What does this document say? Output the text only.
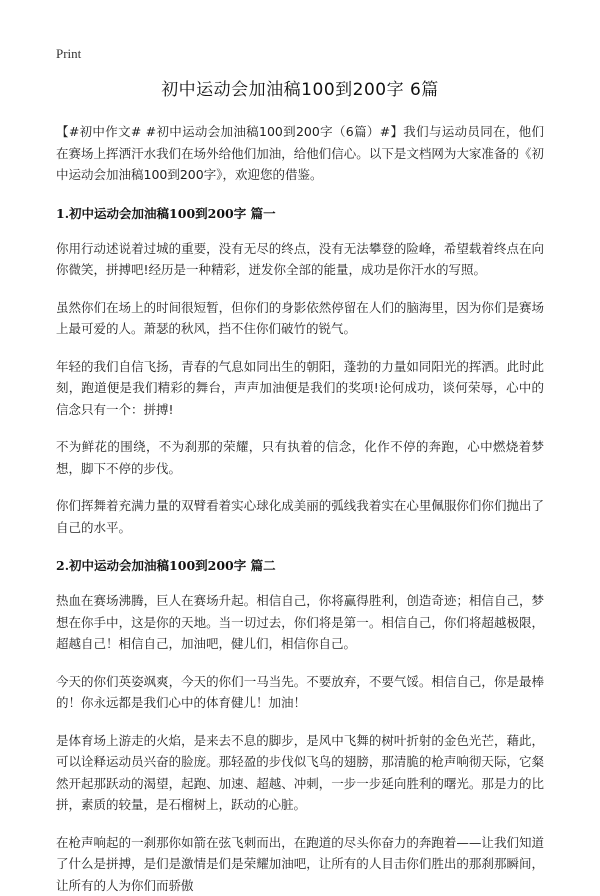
Print
初中运动会加油稿100到200字 6篇

【#初中作文# #初中运动会加油稿100到200字（6篇）#】我们与运动员同在，他们在赛场上挥洒汗水我们在场外给他们加油，给他们信心。以下是文档网为大家准备的《初中运动会加油稿100到200字》，欢迎您的借鉴。

1.初中运动会加油稿100到200字 篇一

你用行动述说着过城的重要，没有无尽的终点，没有无法攀登的险峰，希望载着终点在向你微笑，拼搏吧!经历是一种精彩，迸发你全部的能量，成功是你汗水的写照。

虽然你们在场上的时间很短暂，但你们的身影依然停留在人们的脑海里，因为你们是赛场上最可爱的人。萧瑟的秋风，挡不住你们破竹的锐气。

年轻的我们自信飞扬，青春的气息如同出生的朝阳，蓬勃的力量如同阳光的挥洒。此时此刻，跑道便是我们精彩的舞台，声声加油便是我们的奖项!论何成功，谈何荣辱，心中的信念只有一个：拼搏!

不为鲜花的围绕，不为刹那的荣耀，只有执着的信念，化作不停的奔跑，心中燃烧着梦想，脚下不停的步伐。

你们挥舞着充满力量的双臂看着实心球化成美丽的弧线我着实在心里佩服你们你们抛出了自己的水平。

2.初中运动会加油稿100到200字 篇二

热血在赛场沸腾，巨人在赛场升起。相信自己，你将赢得胜利，创造奇迹；相信自己，梦想在你手中，这是你的天地。当一切过去，你们将是第一。相信自己，你们将超越极限，超越自己！相信自己，加油吧，健儿们，相信你自己。

今天的你们英姿飒爽，今天的你们一马当先。不要放弃，不要气馁。相信自己，你是最棒的！你永远都是我们心中的体育健儿！加油！

是体育场上游走的火焰，是来去不息的脚步，是风中飞舞的树叶折射的金色光芒，藉此，可以诠释运动员兴奋的脸庞。那轻盈的步伐似飞鸟的翅膀，那清脆的枪声响彻天际，它粲然开起那跃动的渴望，起跑、加速、超越、冲刺，一步一步延向胜利的曙光。那是力的比拼，素质的较量，是石榴树上，跃动的心脏。

在枪声响起的一刹那你如箭在弦飞刺而出，在跑道的尽头你奋力的奔跑着——让我们知道了什么是拼搏，是们是激情是们是荣耀加油吧，让所有的人目击你们胜出的那刹那瞬间，让所有的人为你们而骄傲
